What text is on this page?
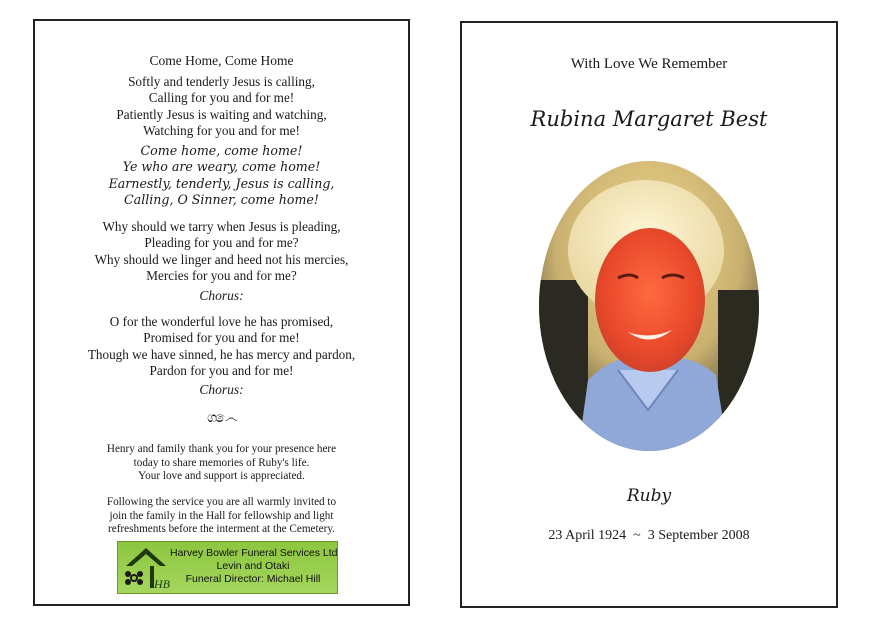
Come Home, Come Home
Softly and tenderly Jesus is calling,
Calling for you and for me!
Patiently Jesus is waiting and watching,
Watching for you and for me!
Come home, come home!
Ye who are weary, come home!
Earnestly, tenderly, Jesus is calling,
Calling, O Sinner, come home!
Why should we tarry when Jesus is pleading,
Pleading for you and for me?
Why should we linger and heed not his mercies,
Mercies for you and for me?
Chorus:
O for the wonderful love he has promised,
Promised for you and for me!
Though we have sinned, he has mercy and pardon,
Pardon for you and for me!
Chorus:
ග෴ෙ
Henry and family thank you for your presence here
today to share memories of Ruby's life.
Your love and support is appreciated.
Following the service you are all warmly invited to
join the family in the Hall for fellowship and light
refreshments before the interment at the Cemetery.
HB
Harvey Bowler Funeral Services Ltd
Levin and Otaki
Funeral Director: Michael Hill
With Love We Remember
Rubina Margaret Best
Ruby
23 April 1924  ~  3 September 2008
